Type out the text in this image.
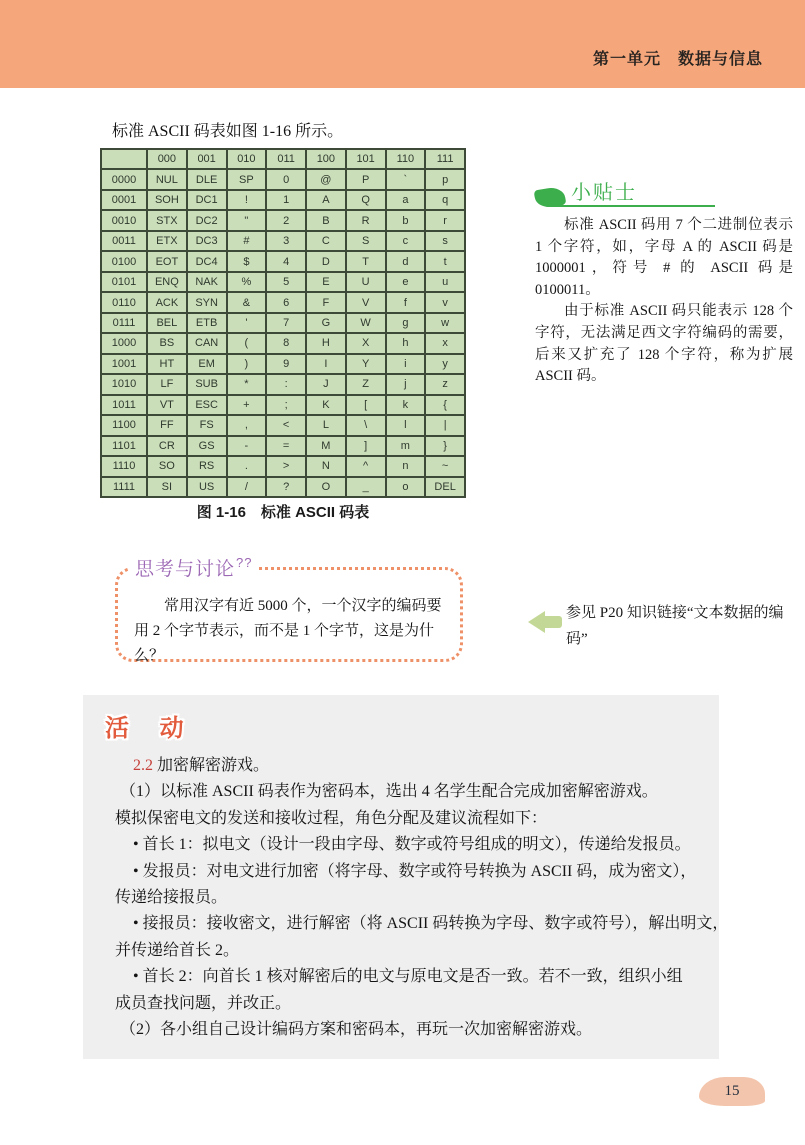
第一单元　数据与信息
标准 ASCII 码表如图 1-16 所示。
	000	001	010	011	100	101	110	111
0000	NUL	DLE	SP	0	@	P	`	p
0001	SOH	DC1	!	1	A	Q	a	q
0010	STX	DC2	"	2	B	R	b	r
0011	ETX	DC3	#	3	C	S	c	s
0100	EOT	DC4	$	4	D	T	d	t
0101	ENQ	NAK	%	5	E	U	e	u
0110	ACK	SYN	&	6	F	V	f	v
0111	BEL	ETB	'	7	G	W	g	w
1000	BS	CAN	(	8	H	X	h	x
1001	HT	EM	)	9	I	Y	i	y
1010	LF	SUB	*	:	J	Z	j	z
1011	VT	ESC	+	;	K	[	k	{
1100	FF	FS	,	<	L	\	l	|
1101	CR	GS	-	=	M	]	m	}
1110	SO	RS	.	>	N	^	n	~
1111	SI	US	/	?	O	_	o	DEL
图 1-16　标准 ASCII 码表
小贴士

标准 ASCII 码用 7 个二进制位表示 1 个字符，如，字母 A 的 ASCII 码是 1000001，符号 # 的 ASCII 码是 0100011。

由于标准 ASCII 码只能表示 128 个字符，无法满足西文字符编码的需要，后来又扩充了 128 个字符，称为扩展 ASCII 码。

思考与讨论??
常用汉字有近 5000 个，一个汉字的编码要用 2 个字节表示，而不是 1 个字节，这是为什么？
参见 P20 知识链接“文本数据的编码”
活 动
2.2 加密解密游戏。
（1）以标准 ASCII 码表作为密码本，选出 4 名学生配合完成加密解密游戏。
模拟保密电文的发送和接收过程，角色分配及建议流程如下：
• 首长 1：拟电文（设计一段由字母、数字或符号组成的明文），传递给发报员。
• 发报员：对电文进行加密（将字母、数字或符号转换为 ASCII 码，成为密文），
传递给接报员。
• 接报员：接收密文，进行解密（将 ASCII 码转换为字母、数字或符号），解出明文，
并传递给首长 2。
• 首长 2：向首长 1 核对解密后的电文与原电文是否一致。若不一致，组织小组
成员查找问题，并改正。
（2）各小组自己设计编码方案和密码本，再玩一次加密解密游戏。
15
